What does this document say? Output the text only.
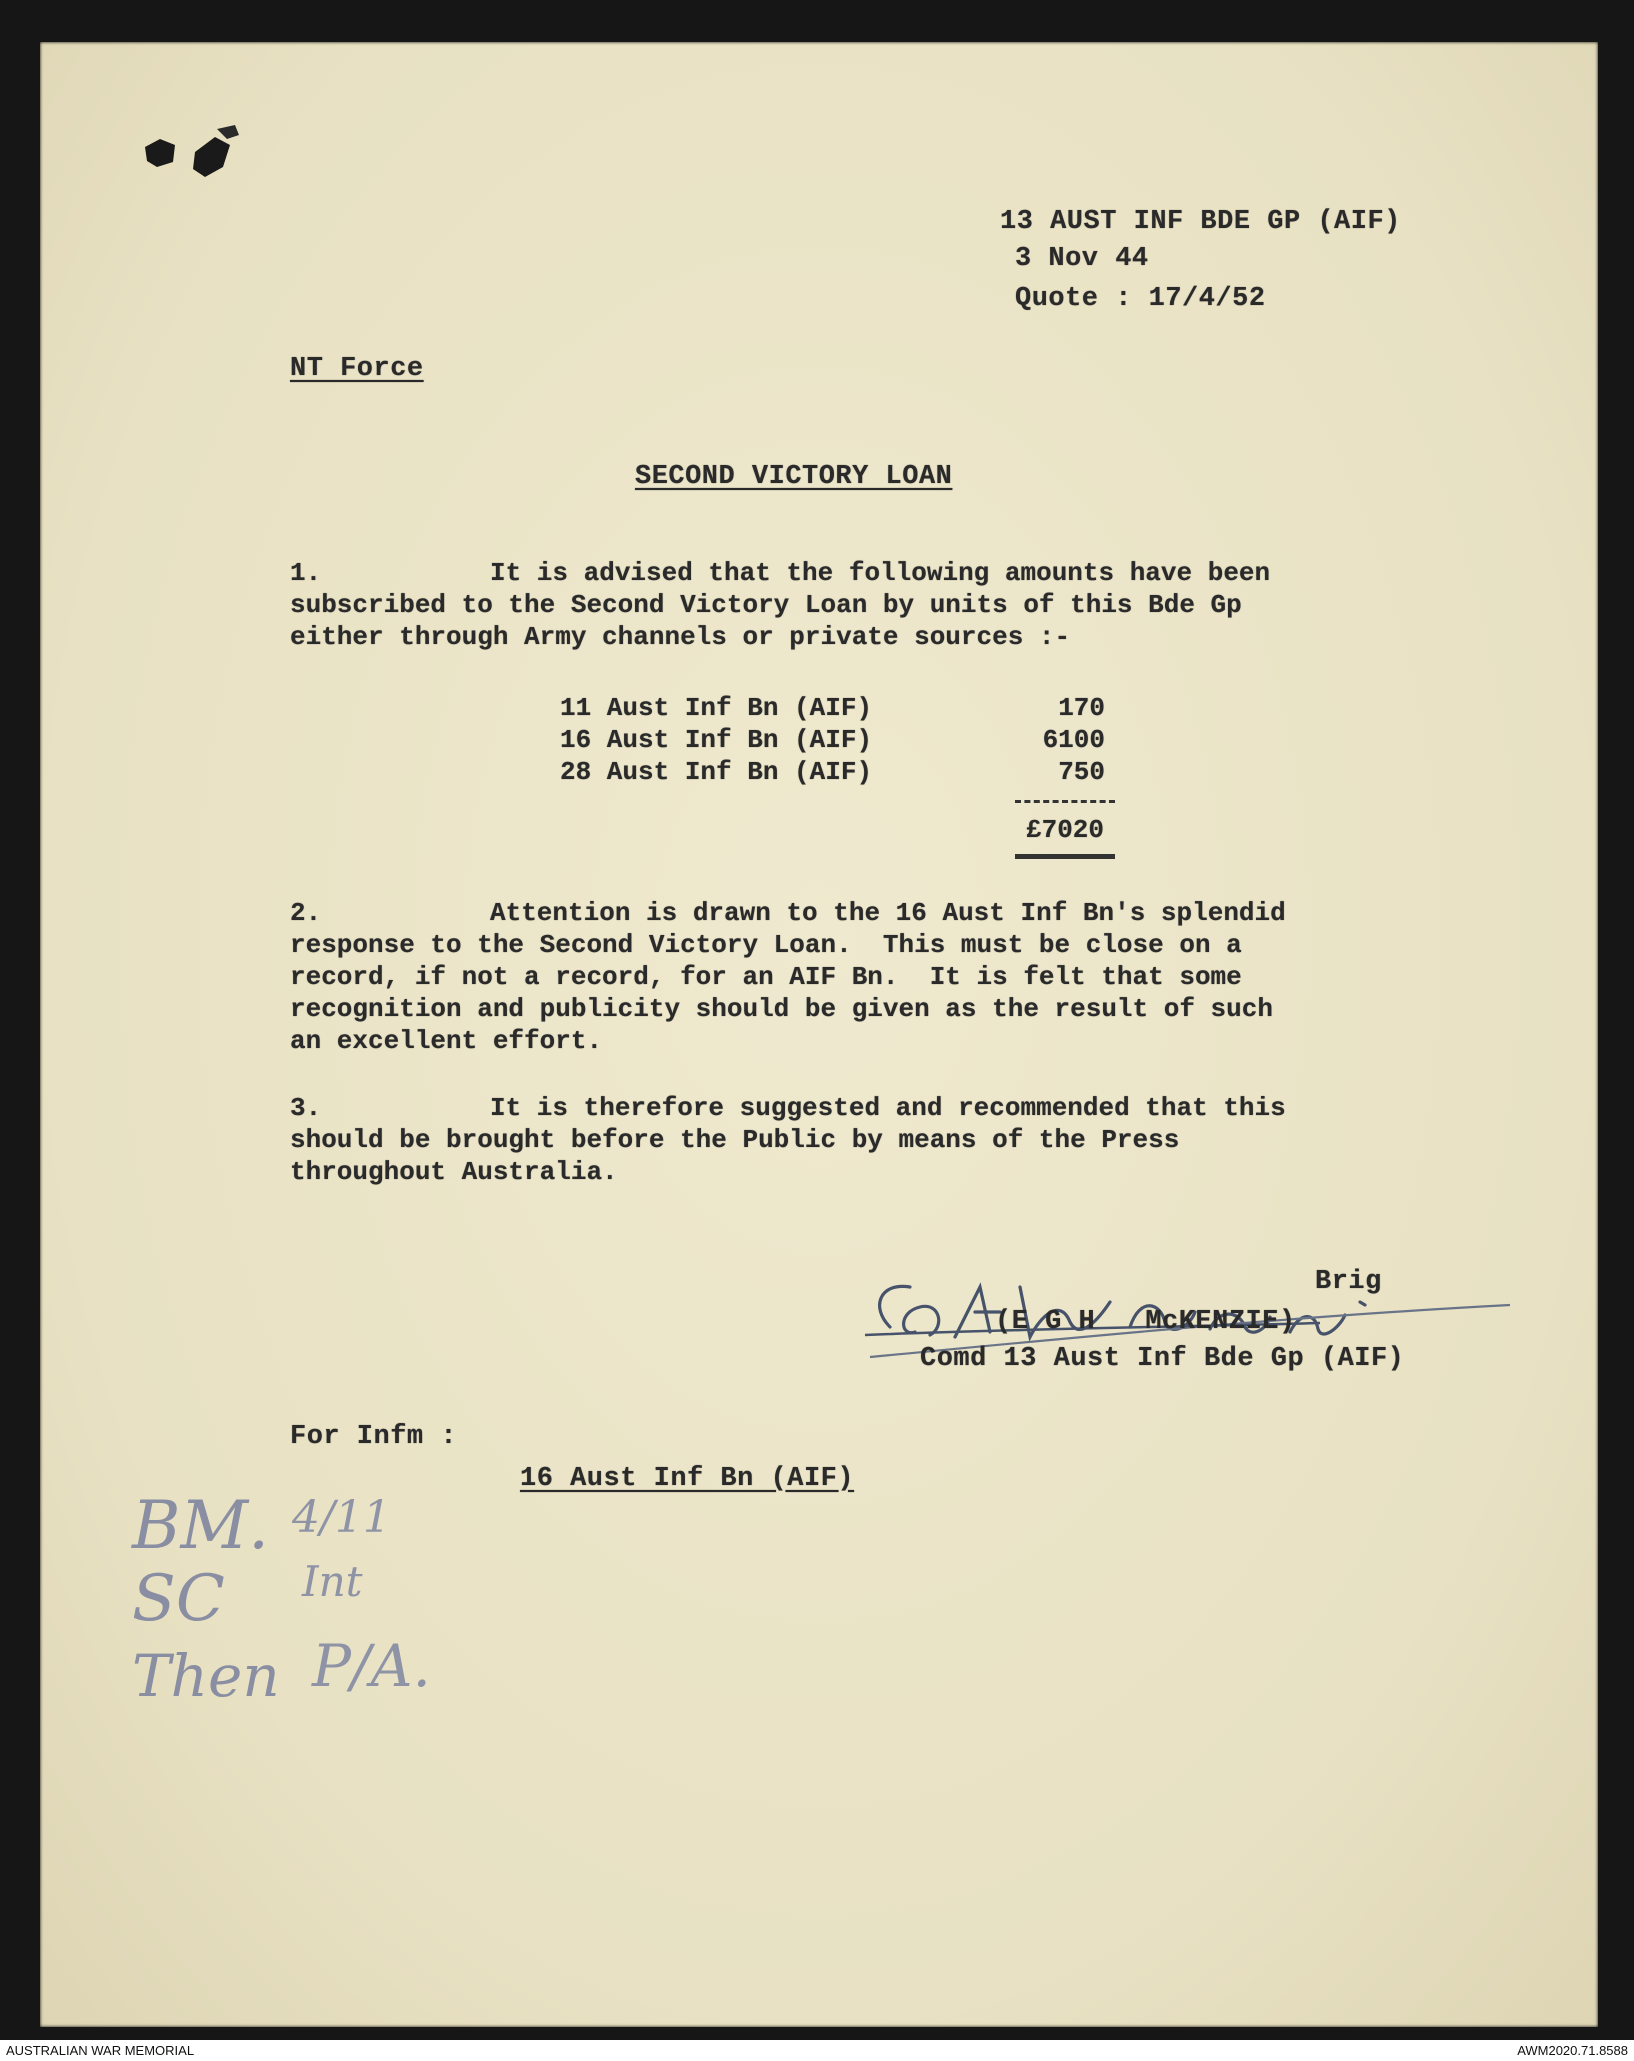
13 AUST INF BDE GP (AIF)
3 Nov 44
Quote : 17/4/52
NT Force
SECOND VICTORY LOAN
1.	It is advised that the following amounts have been
subscribed to the Second Victory Loan by units of this Bde Gp
either through Army channels or private sources :-
11 Aust Inf Bn (AIF)	170
16 Aust Inf Bn (AIF)	6100
28 Aust Inf Bn (AIF)	750
£7020
2.	Attention is drawn to the 16 Aust Inf Bn's splendid
response to the Second Victory Loan.  This must be close on a
record, if not a record, for an AIF Bn.  It is felt that some
recognition and publicity should be given as the result of such
an excellent effort.
3.	It is therefore suggested and recommended that this
should be brought before the Public by means of the Press
throughout Australia.
Brig
(E G H   McKENZIE)
Comd 13 Aust Inf Bde Gp (AIF)
For Infm :
16 Aust Inf Bn (AIF)
BM. 4/11
SC Int
Then P/A.
AUSTRALIAN WAR MEMORIAL	AWM2020.71.8588
